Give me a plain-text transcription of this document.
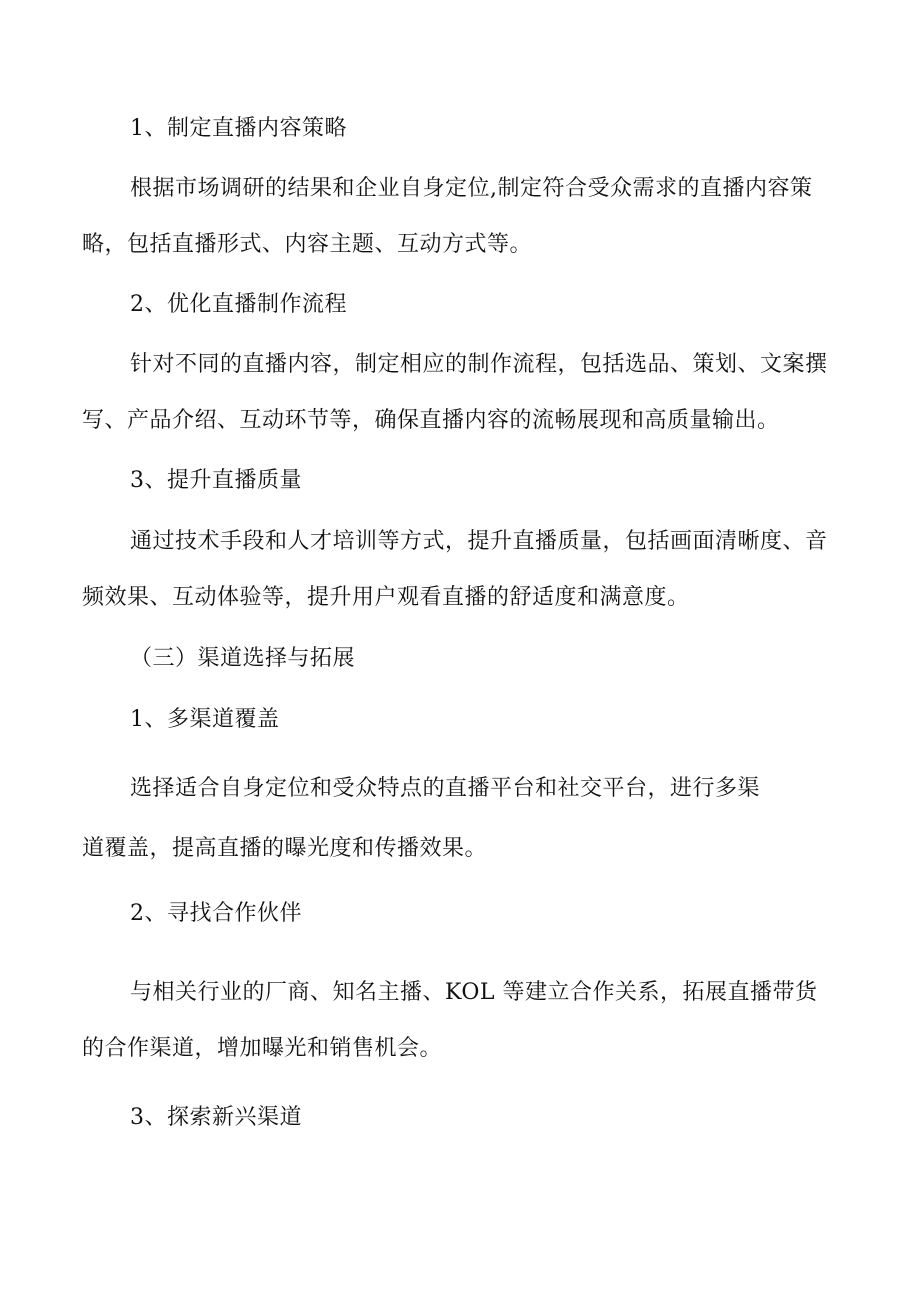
1、制定直播内容策略
根据市场调研的结果和企业自身定位,制定符合受众需求的直播内容策
略，包括直播形式、内容主题、互动方式等。
2、优化直播制作流程
针对不同的直播内容，制定相应的制作流程，包括选品、策划、文案撰
写、产品介绍、互动环节等，确保直播内容的流畅展现和高质量输出。
3、提升直播质量
通过技术手段和人才培训等方式，提升直播质量，包括画面清晰度、音
频效果、互动体验等，提升用户观看直播的舒适度和满意度。
（三）渠道选择与拓展
1、多渠道覆盖
选择适合自身定位和受众特点的直播平台和社交平台，进行多渠
道覆盖，提高直播的曝光度和传播效果。
2、寻找合作伙伴
与相关行业的厂商、知名主播、KOL 等建立合作关系，拓展直播带货
的合作渠道，增加曝光和销售机会。
3、探索新兴渠道
